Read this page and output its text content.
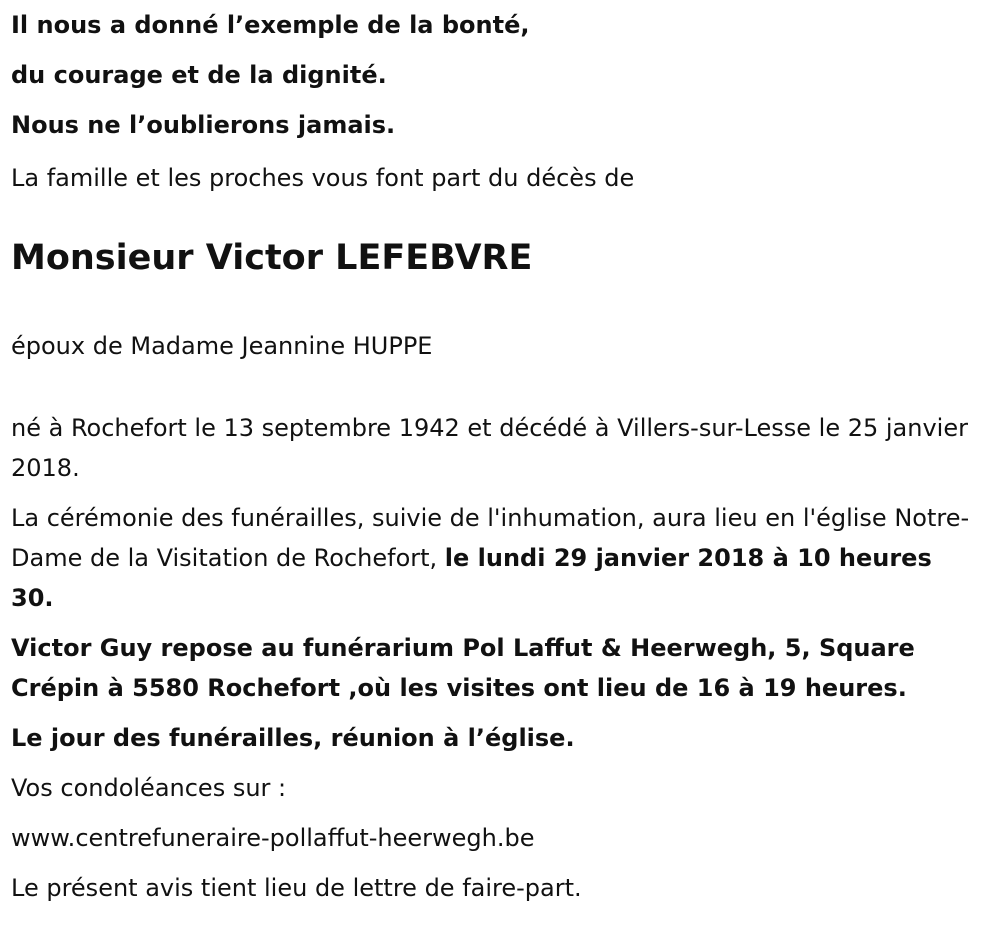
Il nous a donné l’exemple de la bonté,

du courage et de la dignité.

Nous ne l’oublierons jamais.

La famille et les proches vous font part du décès de

Monsieur Victor LEFEBVRE

époux de Madame Jeannine HUPPE

né à Rochefort le 13 septembre 1942 et décédé à Villers-sur-Lesse le 25 janvier 2018.

La cérémonie des funérailles, suivie de l'inhumation, aura lieu en l'église Notre-Dame de la Visitation de Rochefort, le lundi 29 janvier 2018 à 10 heures 30.

Victor Guy repose au funérarium Pol Laffut & Heerwegh, 5, Square Crépin à 5580 Rochefort ,où les visites ont lieu de 16 à 19 heures.

Le jour des funérailles, réunion à l’église.

Vos condoléances sur :

www.centrefuneraire-pollaffut-heerwegh.be

Le présent avis tient lieu de lettre de faire-part.
